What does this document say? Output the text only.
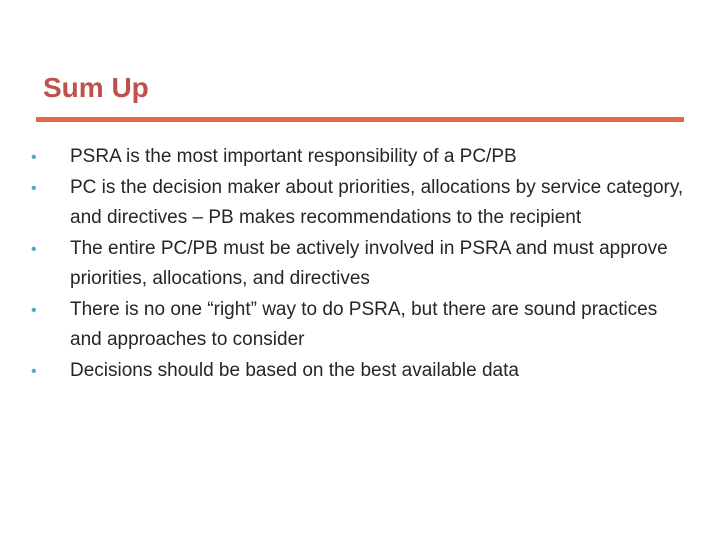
Sum Up
• PSRA is the most important responsibility of a PC/PB
• PC is the decision maker about priorities, allocations by service category, and directives – PB makes recommendations to the recipient
• The entire PC/PB must be actively involved in PSRA and must approve priorities, allocations, and directives
• There is no one “right” way to do PSRA, but there are sound practices and approaches to consider
• Decisions should be based on the best available data
